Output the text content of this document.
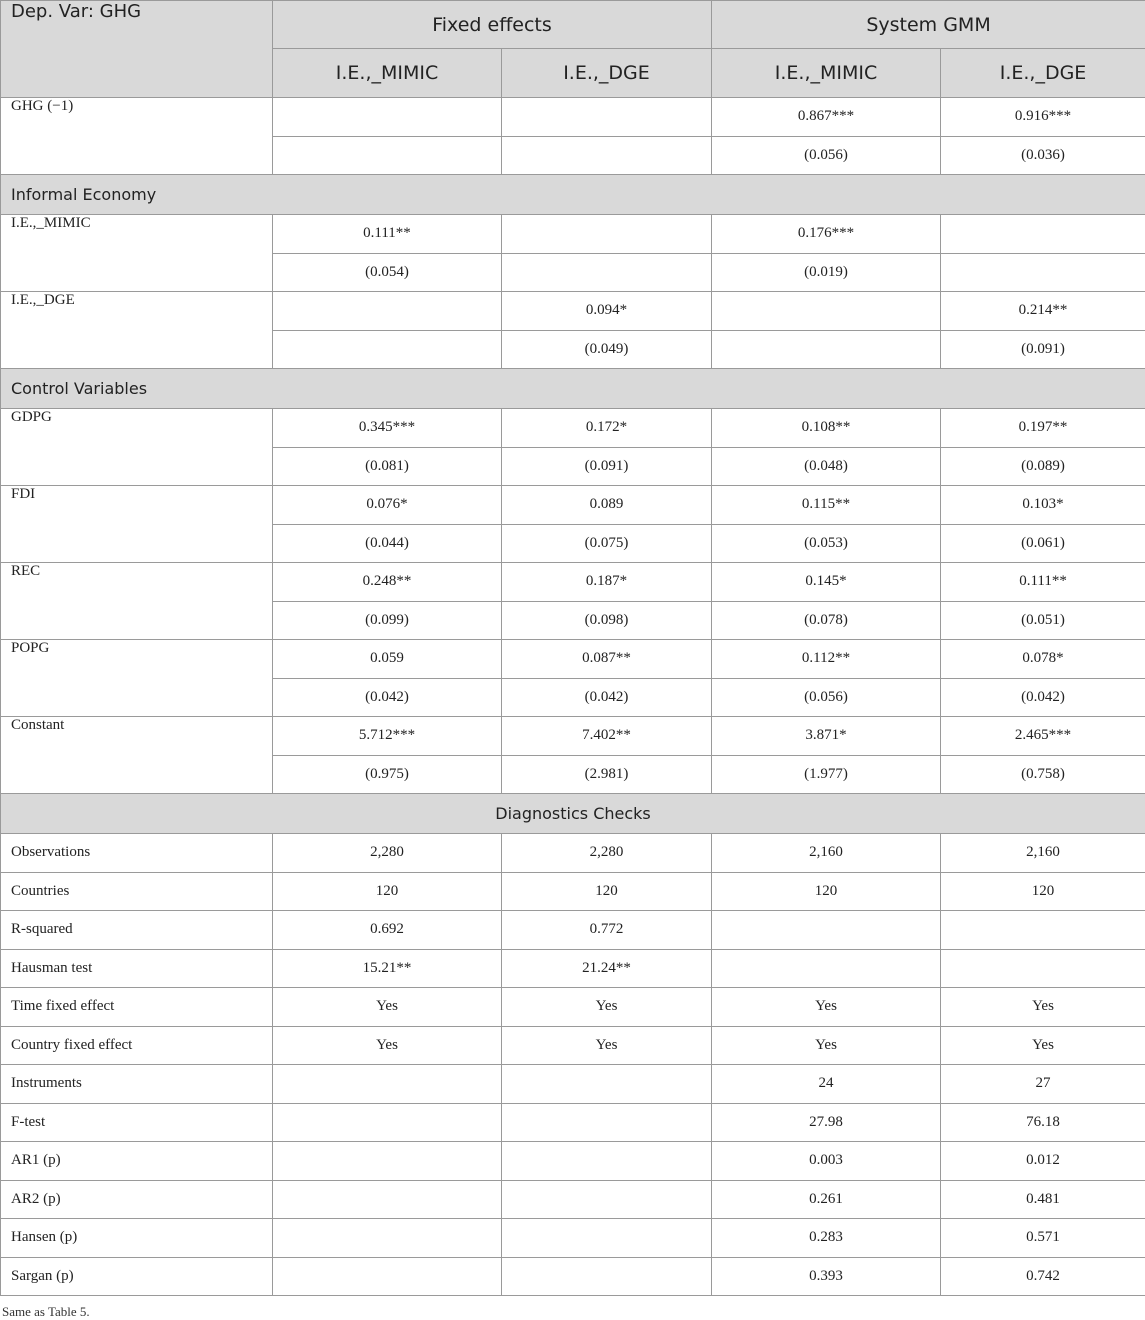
Dep. Var: GHG	Fixed effects		System GMM	
	I.E.,_MIMIC	I.E.,_DGE	I.E.,_MIMIC	I.E.,_DGE
GHG (−1)			0.867***	0.916***
			(0.056)	(0.036)
Informal Economy				
I.E.,_MIMIC	0.111**		0.176***	
	(0.054)		(0.019)	
I.E.,_DGE		0.094*		0.214**
		(0.049)		(0.091)
Control Variables				
GDPG	0.345***	0.172*	0.108**	0.197**
	(0.081)	(0.091)	(0.048)	(0.089)
FDI	0.076*	0.089	0.115**	0.103*
	(0.044)	(0.075)	(0.053)	(0.061)
REC	0.248**	0.187*	0.145*	0.111**
	(0.099)	(0.098)	(0.078)	(0.051)
POPG	0.059	0.087**	0.112**	0.078*
	(0.042)	(0.042)	(0.056)	(0.042)
Constant	5.712***	7.402**	3.871*	2.465***
	(0.975)	(2.981)	(1.977)	(0.758)
Diagnostics Checks				
Observations	2,280	2,280	2,160	2,160
Countries	120	120	120	120
R-squared	0.692	0.772		
Hausman test	15.21**	21.24**		
Time fixed effect	Yes	Yes	Yes	Yes
Country fixed effect	Yes	Yes	Yes	Yes
Instruments			24	27
F-test			27.98	76.18
AR1 (p)			0.003	0.012
AR2 (p)			0.261	0.481
Hansen (p)			0.283	0.571
Sargan (p)			0.393	0.742
Same as Table 5.
